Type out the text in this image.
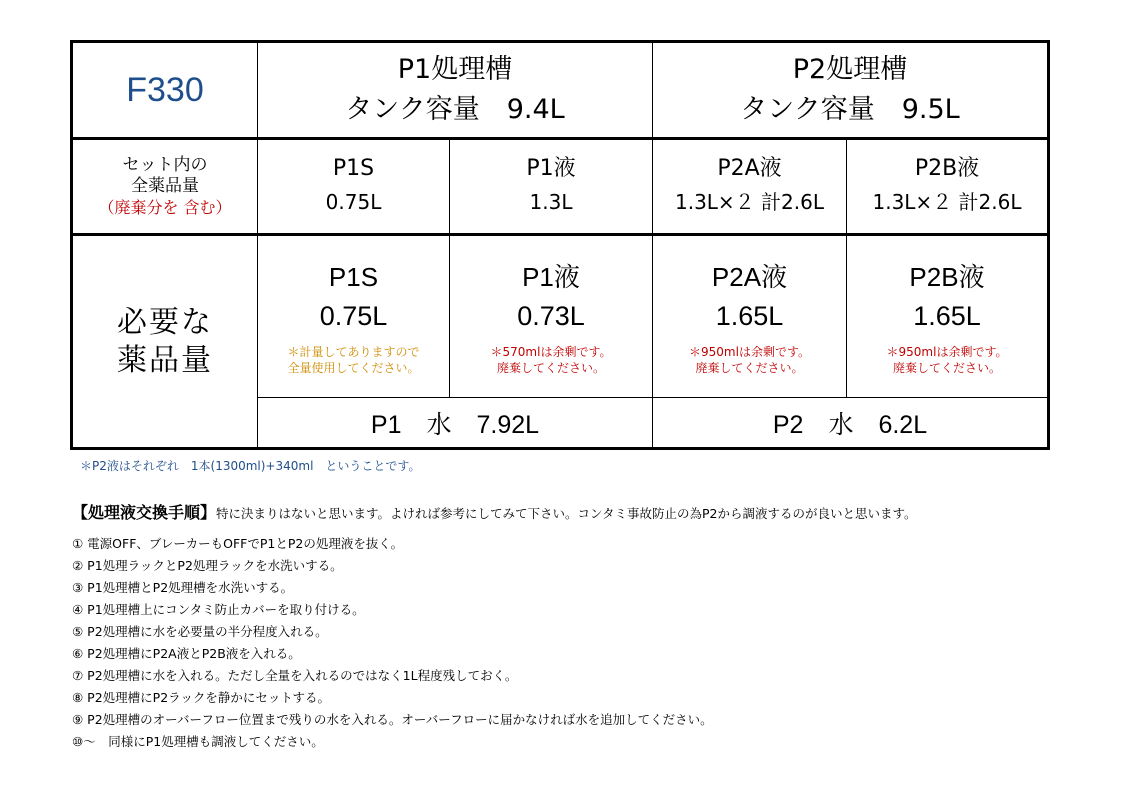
F330
P1処理槽
タンク容量　9.4L
P2処理槽
タンク容量　9.5L
セット内の
全薬品量
（廃棄分を 含む）
P1S
0.75L
P1液
1.3L
P2A液
1.3L×２ 計2.6L
P2B液
1.3L×２ 計2.6L
必要な
薬品量
P1S
0.75L
＊計量してありますので
全量使用してください。
P1液
0.73L
＊570mlは余剰です。
廃棄してください。
P2A液
1.65L
＊950mlは余剰です。
廃棄してください。
P2B液
1.65L
＊950mlは余剰です。
廃棄してください。
P1　水　7.92L	P2　水　6.2L
＊P2液はそれぞれ　1本(1300ml)+340ml　ということです。
【処理液交換手順】特に決まりはないと思います。よければ参考にしてみて下さい。コンタミ事故防止の為P2から調液するのが良いと思います。
① 電源OFF、ブレーカーもOFFでP1とP2の処理液を抜く。
② P1処理ラックとP2処理ラックを水洗いする。
③ P1処理槽とP2処理槽を水洗いする。
④ P1処理槽上にコンタミ防止カバーを取り付ける。
⑤ P2処理槽に水を必要量の半分程度入れる。
⑥ P2処理槽にP2A液とP2B液を入れる。
⑦ P2処理槽に水を入れる。ただし全量を入れるのではなく1L程度残しておく。
⑧ P2処理槽にP2ラックを静かにセットする。
⑨ P2処理槽のオーバーフロー位置まで残りの水を入れる。オーバーフローに届かなければ水を追加してください。
⑩～　同様にP1処理槽も調液してください。
